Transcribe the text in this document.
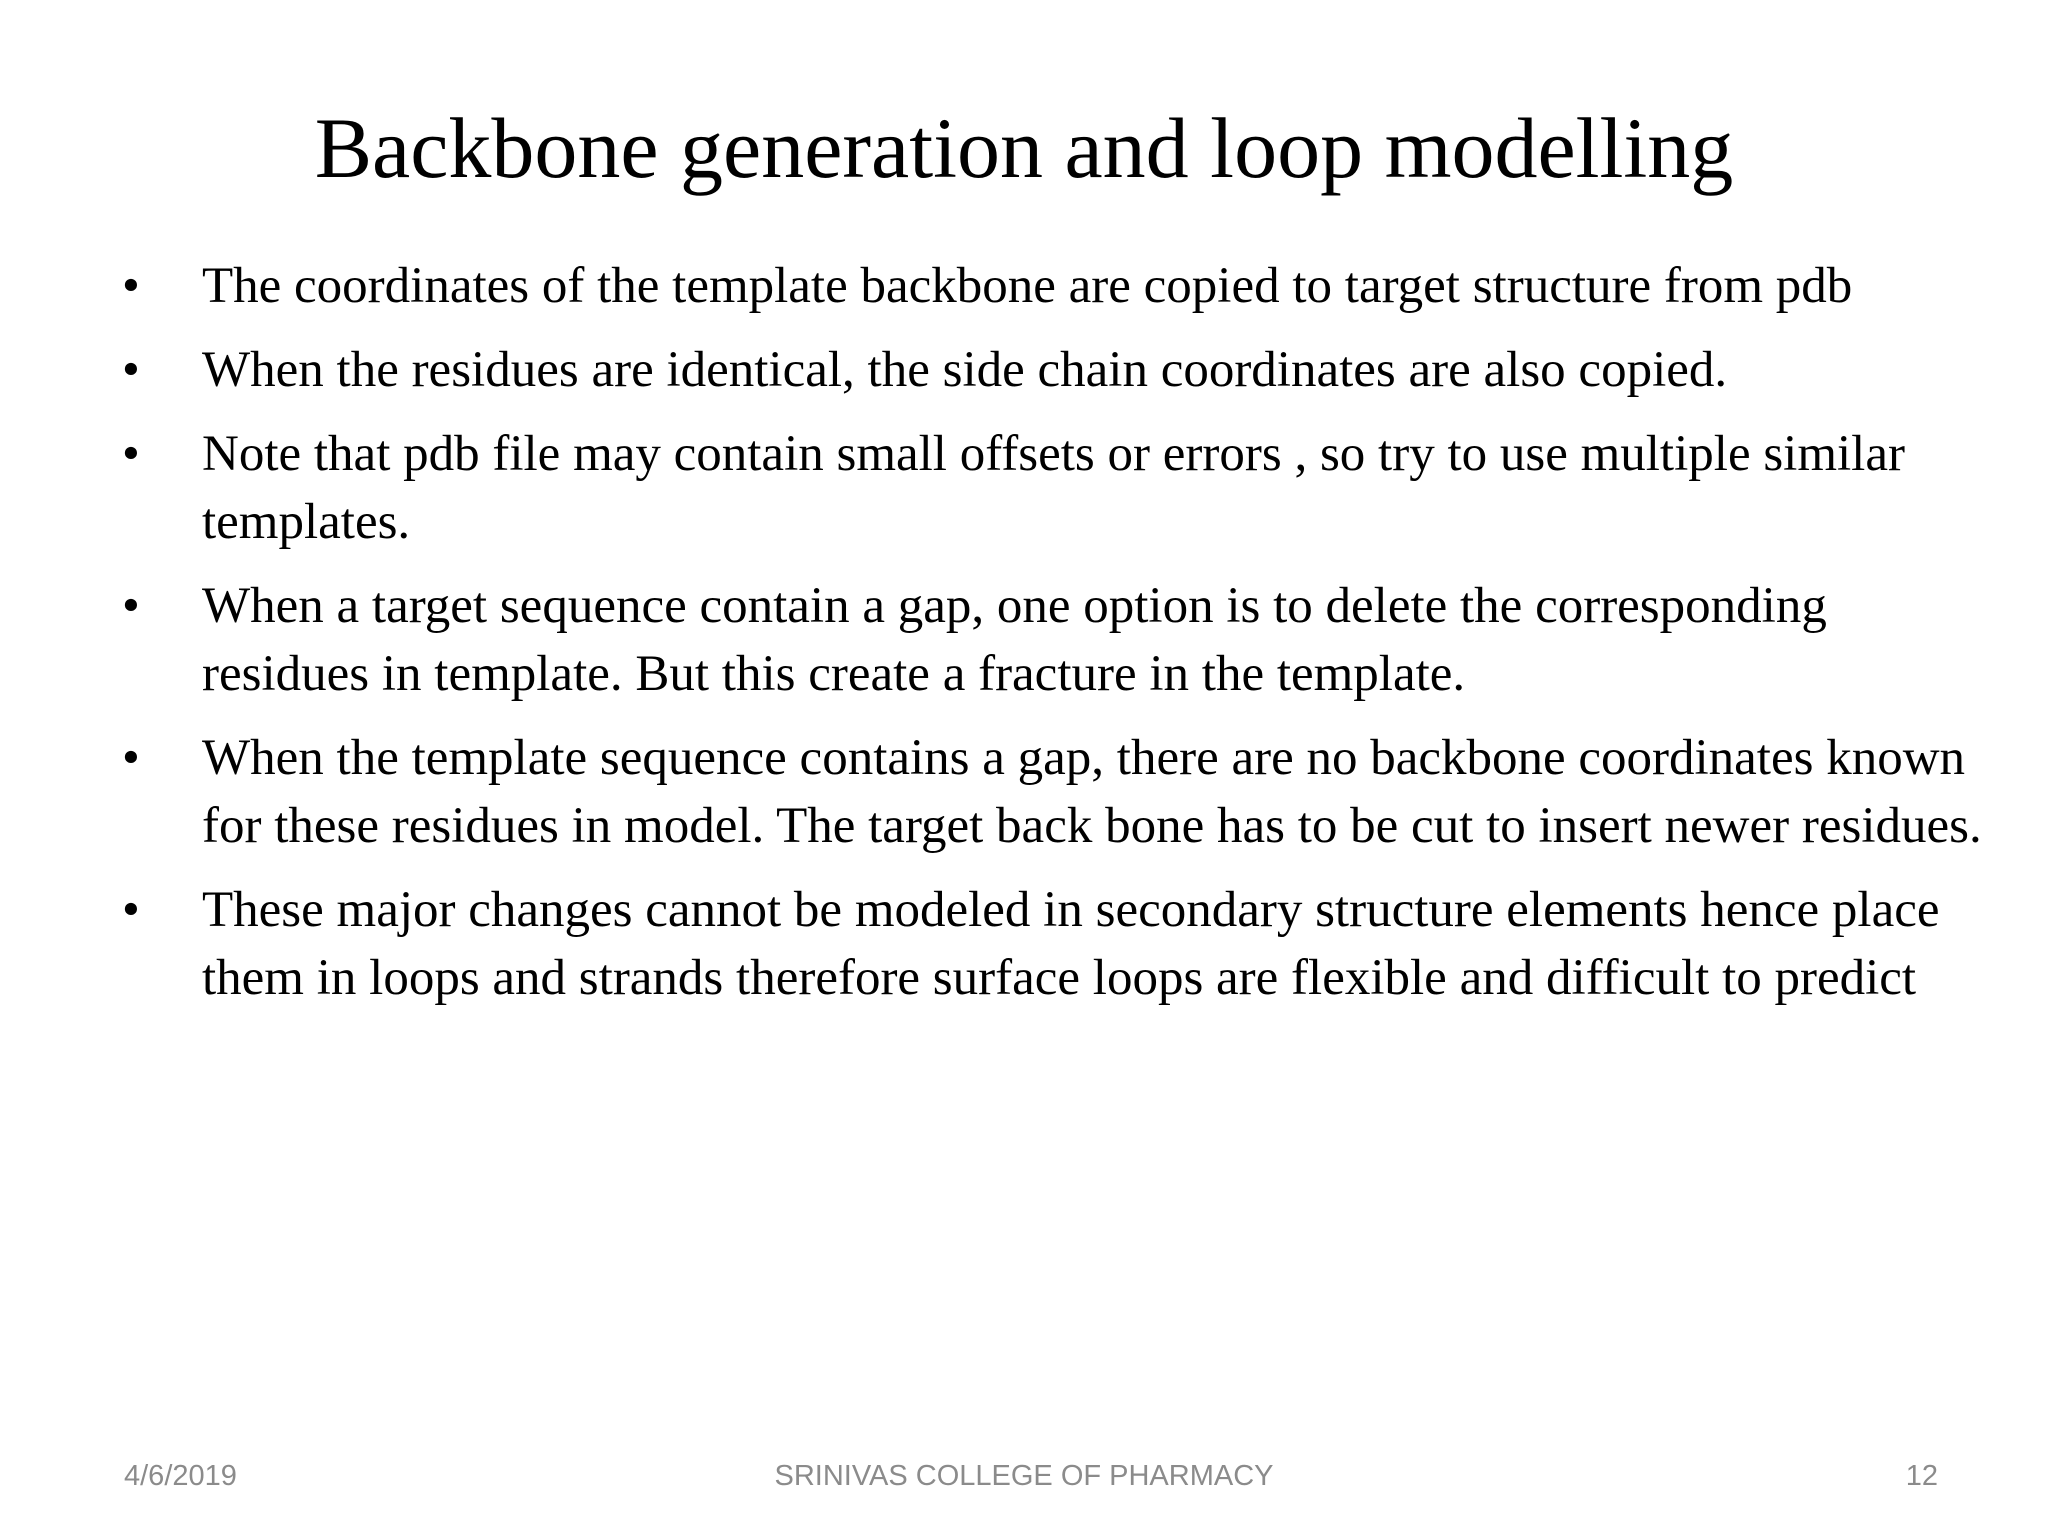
Backbone generation and loop modelling
•	The coordinates of the template backbone are copied to target structure from pdb
•	When the residues are identical, the side chain coordinates are also copied.
•	Note that pdb file may contain small offsets or errors , so try to use multiple similar templates.
•	When a target sequence contain a gap, one option is to delete the corresponding residues in template. But this create a fracture in the template.
•	When the template sequence contains a gap, there are no backbone coordinates known for these residues in model. The target back bone has to be cut to insert newer residues.
•	These major changes cannot be modeled in secondary structure elements hence place them in loops and strands therefore surface loops are flexible and difficult to predict
4/6/2019	SRINIVAS COLLEGE OF PHARMACY	12
